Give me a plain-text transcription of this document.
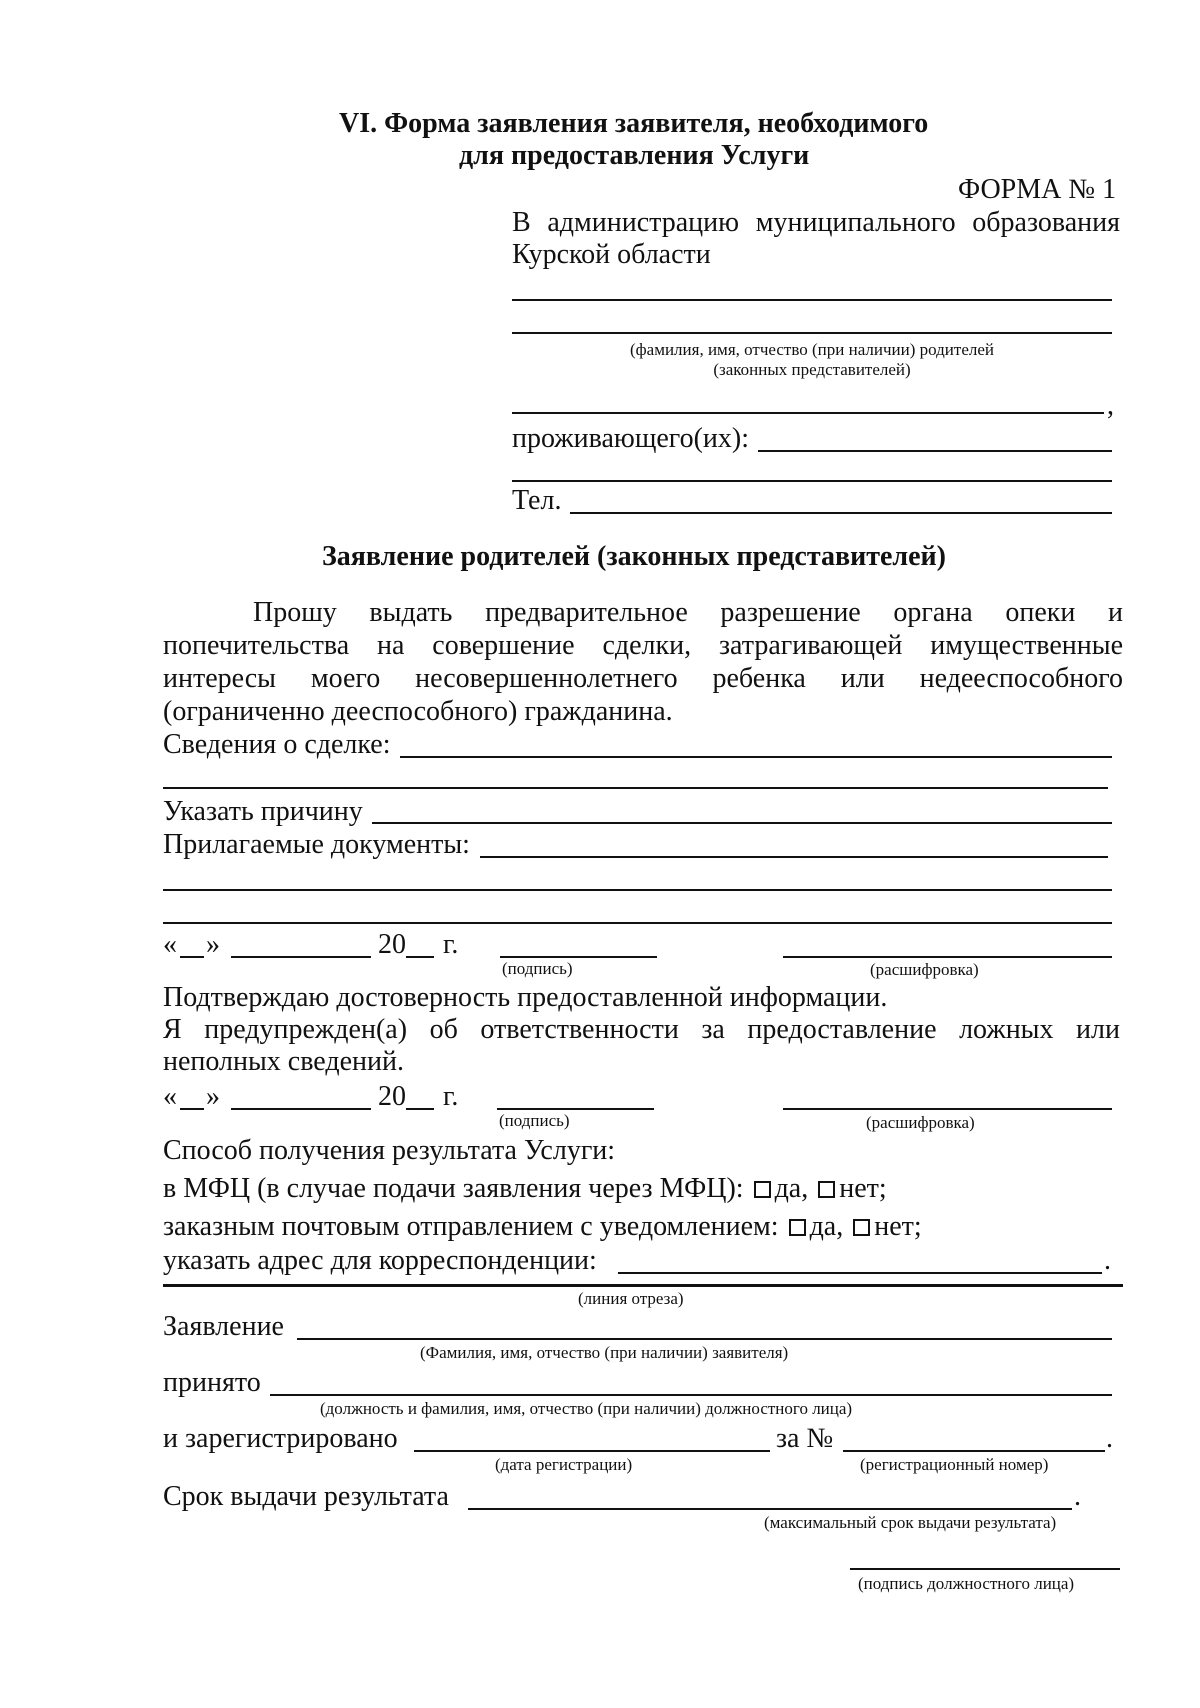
VI. Форма заявления заявителя, необходимого
для предоставления Услуги
ФОРМА № 1
В администрацию муниципального образования
Курской области
(фамилия, имя, отчество (при наличии) родителей
(законных представителей)
,
проживающего(их):
Тел.
Заявление родителей (законных представителей)
Прошу выдать предварительное разрешение органа опеки и попечительства на совершение сделки, затрагивающей имущественные интересы моего несовершеннолетнего ребенка или недееспособного (ограниченно дееспособного) гражданина.
Сведения о сделке:
Указать причину
Прилагаемые документы:
« »	20 г.
(подпись)	(расшифровка)
Подтверждаю достоверность предоставленной информации.
Я предупрежден(а) об ответственности за предоставление ложных или
неполных сведений.
« »	20 г.
(подпись)	(расшифровка)
Способ получения результата Услуги:
в МФЦ (в случае подачи заявления через МФЦ): да, нет;
заказным почтовым отправлением с уведомлением: да, нет;
указать адрес для корреспонденции:	.
(линия отреза)
Заявление
(Фамилия, имя, отчество (при наличии) заявителя)
принято
(должность и фамилия, имя, отчество (при наличии) должностного лица)
и зарегистрировано	за №	.
(дата регистрации)	(регистрационный номер)
Срок выдачи результата	.
(максимальный срок выдачи результата)
(подпись должностного лица)
